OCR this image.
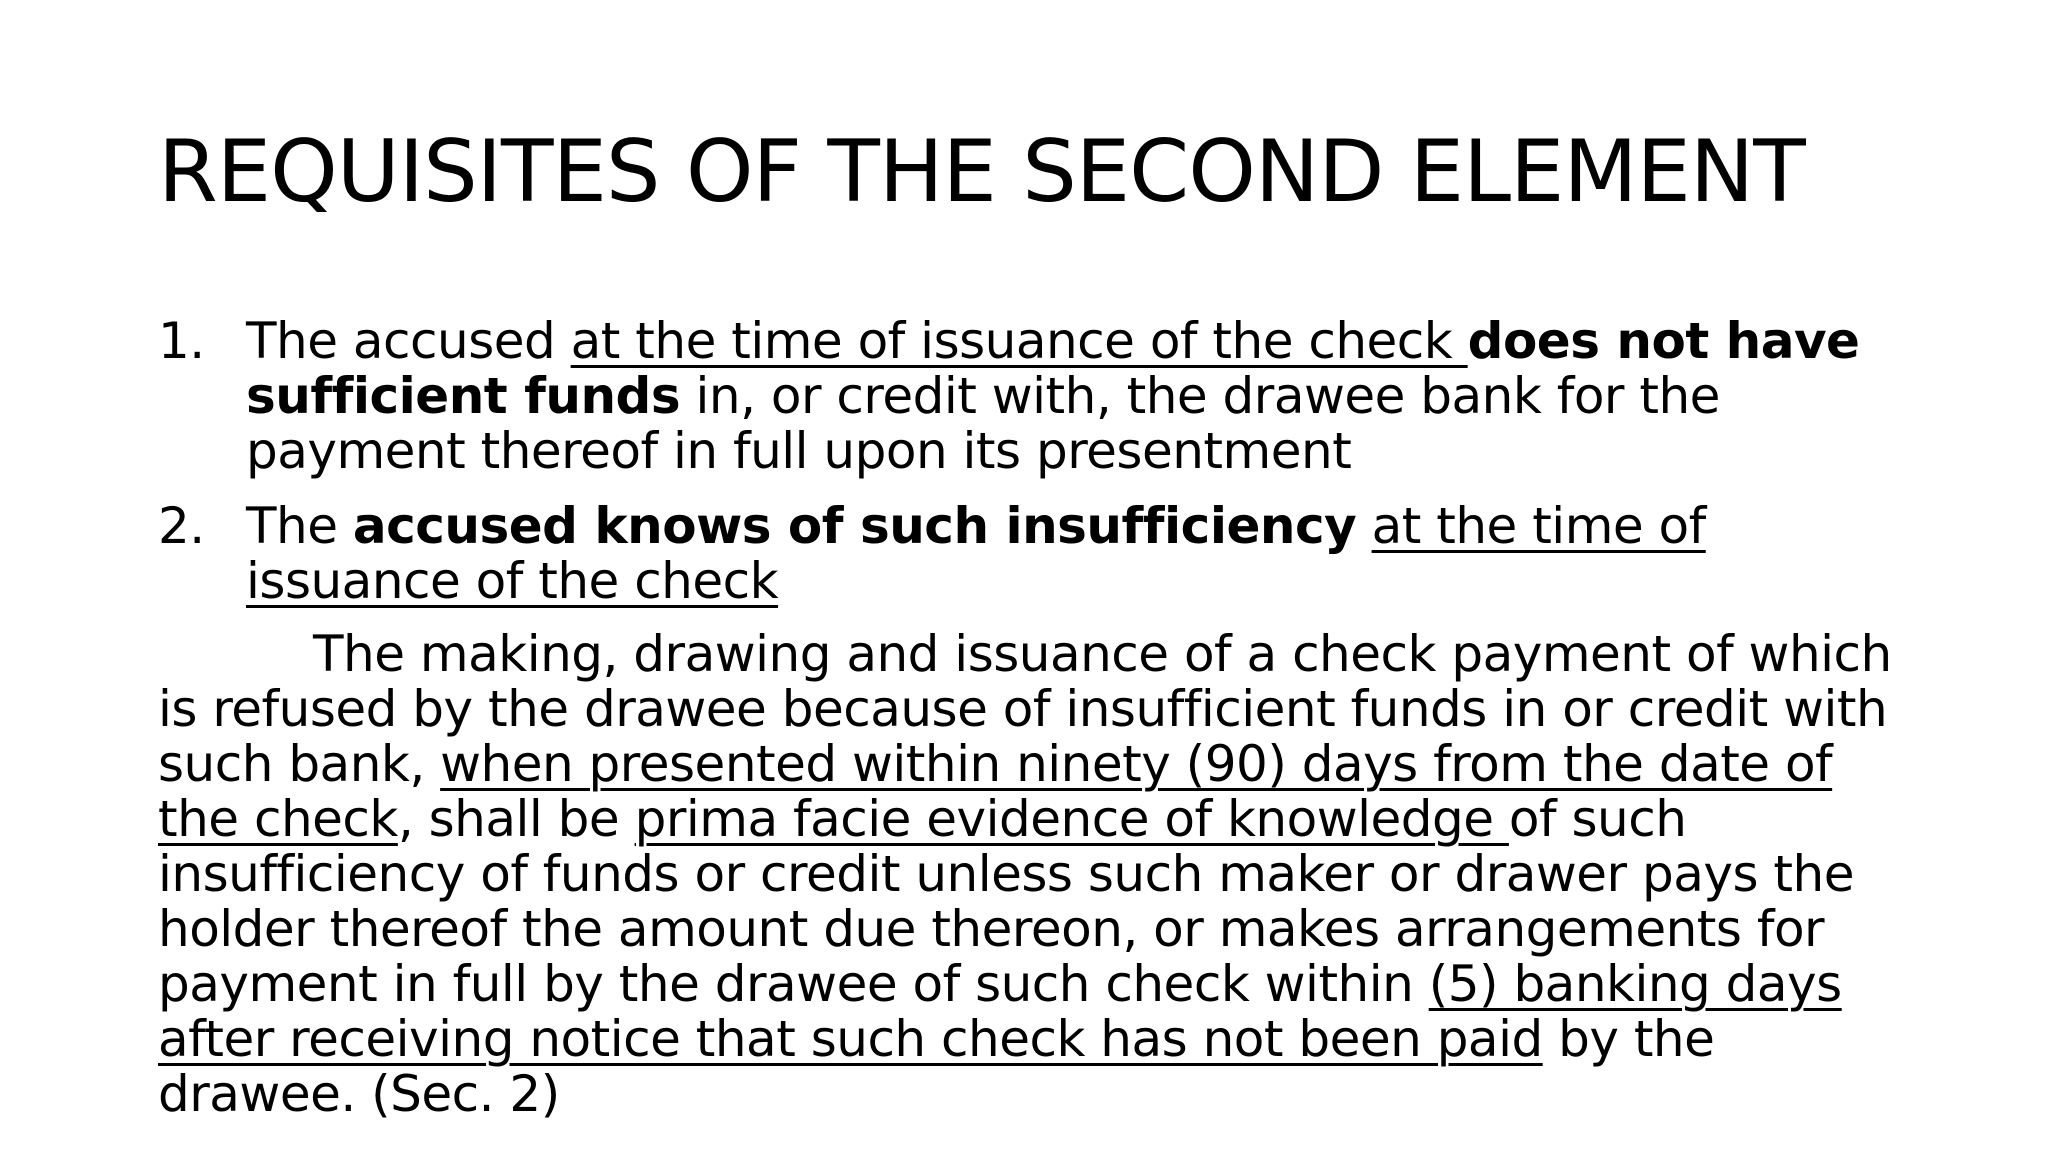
REQUISITES OF THE SECOND ELEMENT
1. The accused at the time of issuance of the check does not have sufficient funds in, or credit with, the drawee bank for the payment thereof in full upon its presentment
2. The accused knows of such insufficiency at the time of issuance of the check

The making, drawing and issuance of a check payment of which is refused by the drawee because of insufficient funds in or credit with such bank, when presented within ninety (90) days from the date of the check, shall be prima facie evidence of knowledge of such insufficiency of funds or credit unless such maker or drawer pays the holder thereof the amount due thereon, or makes arrangements for payment in full by the drawee of such check within (5) banking days after receiving notice that such check has not been paid by the drawee. (Sec. 2)
